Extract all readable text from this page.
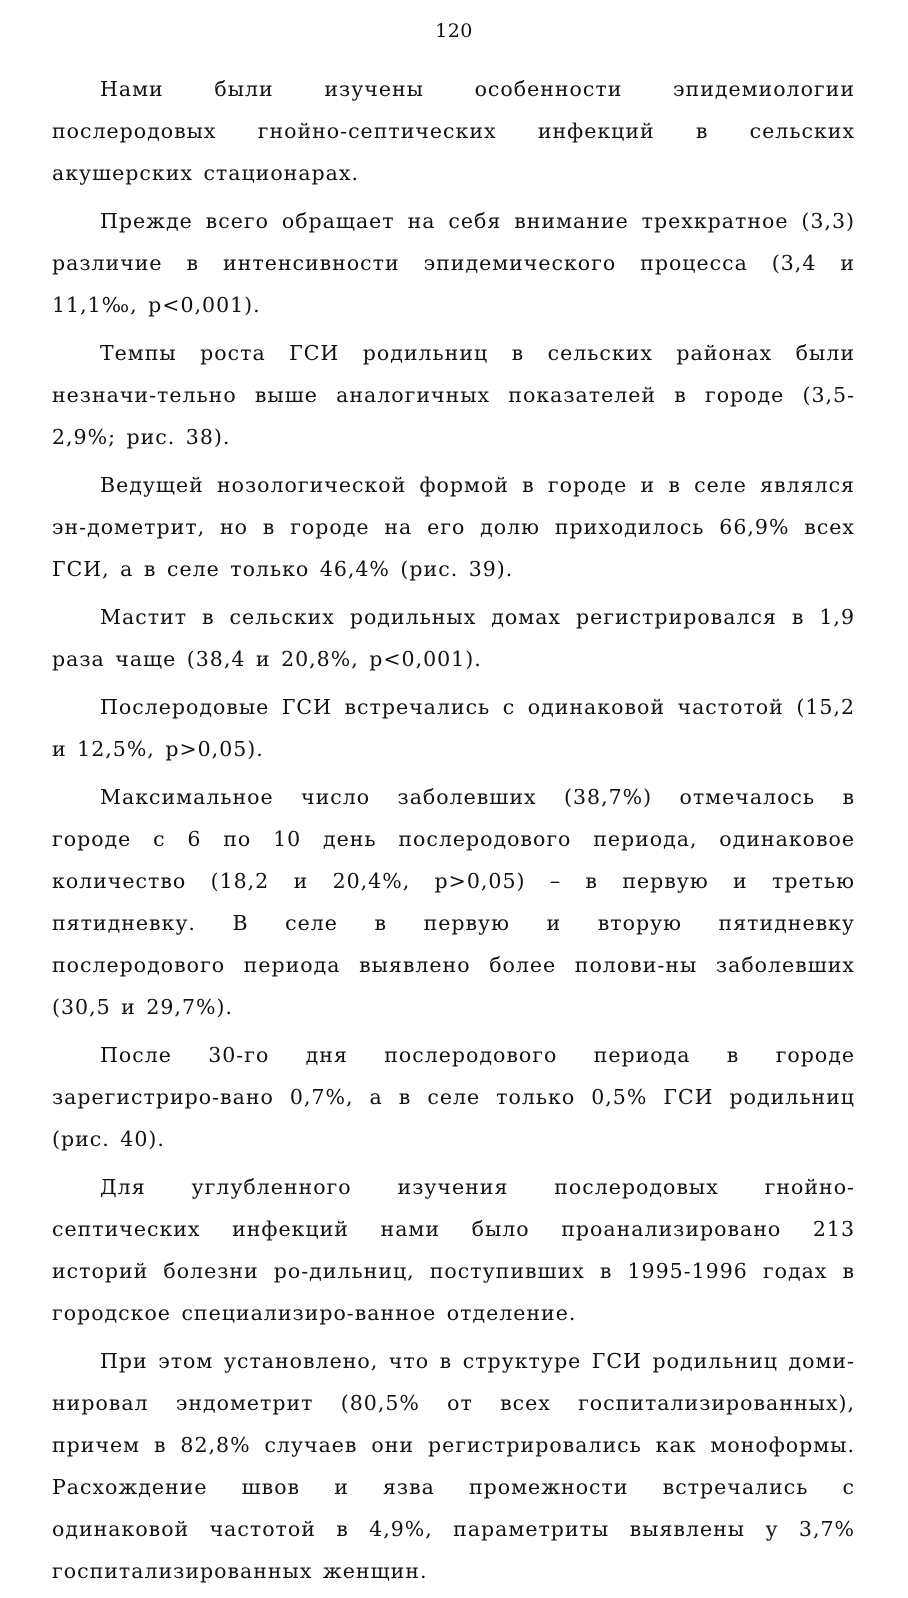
120

Нами были изучены особенности эпидемиологии послеродовых гнойно-септических инфекций в сельских акушерских стационарах.

Прежде всего обращает на себя внимание трехкратное (3,3) различие в интенсивности эпидемического процесса (3,4 и 11,1‰, p<0,001).

Темпы роста ГСИ родильниц в сельских районах были незначи-тельно выше аналогичных показателей в городе (3,5-2,9%; рис. 38).

Ведущей нозологической формой в городе и в селе являлся эн-дометрит, но в городе на его долю приходилось 66,9% всех ГСИ, а в селе только 46,4% (рис. 39).

Мастит в сельских родильных домах регистрировался в 1,9 раза чаще (38,4 и 20,8%, p<0,001).

Послеродовые ГСИ встречались с одинаковой частотой (15,2 и 12,5%, p>0,05).

Максимальное число заболевших (38,7%) отмечалось в городе с 6 по 10 день послеродового периода, одинаковое количество (18,2 и 20,4%, p>0,05) – в первую и третью пятидневку. В селе в первую и вторую пятидневку послеродового периода выявлено более полови-ны заболевших (30,5 и 29,7%).

После 30-го дня послеродового периода в городе зарегистриро-вано 0,7%, а в селе только 0,5% ГСИ родильниц (рис. 40).

Для углубленного изучения послеродовых гнойно-септических инфекций нами было проанализировано 213 историй болезни ро-дильниц, поступивших в 1995-1996 годах в городское специализиро-ванное отделение.

При этом установлено, что в структуре ГСИ родильниц доми-нировал эндометрит (80,5% от всех госпитализированных), причем в 82,8% случаев они регистрировались как моноформы. Расхождение швов и язва промежности встречались с одинаковой частотой в 4,9%, параметриты выявлены у 3,7% госпитализированных женщин.
